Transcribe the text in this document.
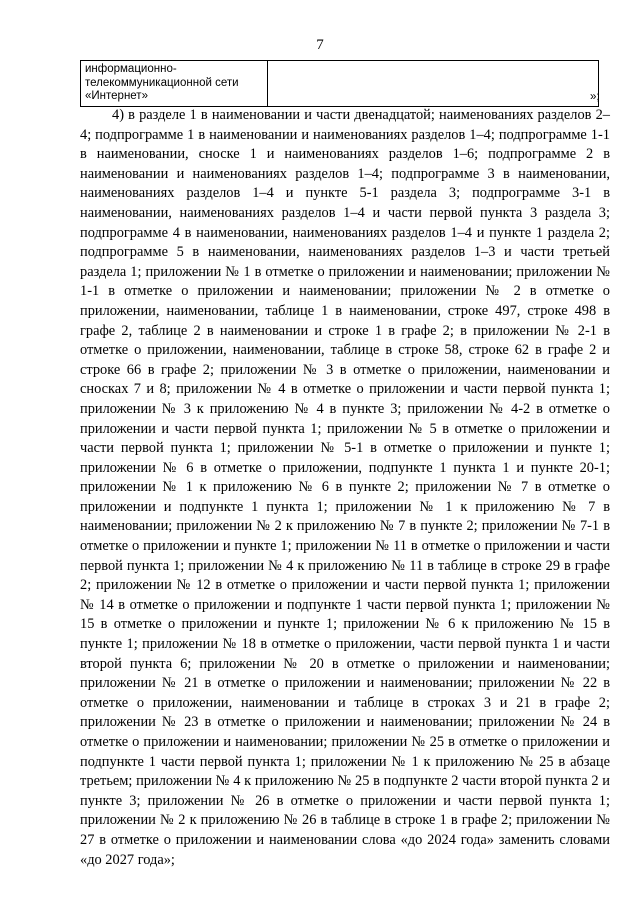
7
информационно-телекоммуникационной сети «Интернет»		»;

4) в разделе 1 в наименовании и части двенадцатой; наименованиях разделов 2–4; подпрограмме 1 в наименовании и наименованиях разделов 1–4; подпрограмме 1-1 в наименовании, сноске 1 и наименованиях разделов 1–6; подпрограмме 2 в наименовании и наименованиях разделов 1–4; подпрограмме 3 в наименовании, наименованиях разделов 1–4 и пункте 5-1 раздела 3; подпрограмме 3-1 в наименовании, наименованиях разделов 1–4 и части первой пункта 3 раздела 3; подпрограмме 4 в наименовании, наименованиях разделов 1–4 и пункте 1 раздела 2; подпрограмме 5 в наименовании, наименованиях разделов 1–3 и части третьей раздела 1; приложении № 1 в отметке о приложении и наименовании; приложении № 1-1 в отметке о приложении и наименовании; приложении № 2 в отметке о приложении, наименовании, таблице 1 в наименовании, строке 497, строке 498 в графе 2, таблице 2 в наименовании и строке 1 в графе 2; в приложении № 2-1 в отметке о приложении, наименовании, таблице в строке 58, строке 62 в графе 2 и строке 66 в графе 2; приложении № 3 в отметке о приложении, наименовании и сносках 7 и 8; приложении № 4 в отметке о приложении и части первой пункта 1; приложении № 3 к приложению № 4 в пункте 3; приложении № 4-2 в отметке о приложении и части первой пункта 1; приложении № 5 в отметке о приложении и части первой пункта 1; приложении № 5-1 в отметке о приложении и пункте 1; приложении № 6 в отметке о приложении, подпункте 1 пункта 1 и пункте 20-1; приложении № 1 к приложению № 6 в пункте 2; приложении № 7 в отметке о приложении и подпункте 1 пункта 1; приложении № 1 к приложению № 7 в наименовании; приложении № 2 к приложению № 7 в пункте 2; приложении № 7-1 в отметке о приложении и пункте 1; приложении № 11 в отметке о приложении и части первой пункта 1; приложении № 4 к приложению № 11 в таблице в строке 29 в графе 2; приложении № 12 в отметке о приложении и части первой пункта 1; приложении № 14 в отметке о приложении и подпункте 1 части первой пункта 1; приложении № 15 в отметке о приложении и пункте 1; приложении № 6 к приложению № 15 в пункте 1; приложении № 18 в отметке о приложении, части первой пункта 1 и части второй пункта 6; приложении № 20 в отметке о приложении и наименовании; приложении № 21 в отметке о приложении и наименовании; приложении № 22 в отметке о приложении, наименовании и таблице в строках 3 и 21 в графе 2; приложении № 23 в отметке о приложении и наименовании; приложении № 24 в отметке о приложении и наименовании; приложении № 25 в отметке о приложении и подпункте 1 части первой пункта 1; приложении № 1 к приложению № 25 в абзаце третьем; приложении № 4 к приложению № 25 в подпункте 2 части второй пункта 2 и пункте 3; приложении № 26 в отметке о приложении и части первой пункта 1; приложении № 2 к приложению № 26 в таблице в строке 1 в графе 2; приложении № 27 в отметке о приложении и наименовании слова «до 2024 года» заменить словами «до 2027 года»;
